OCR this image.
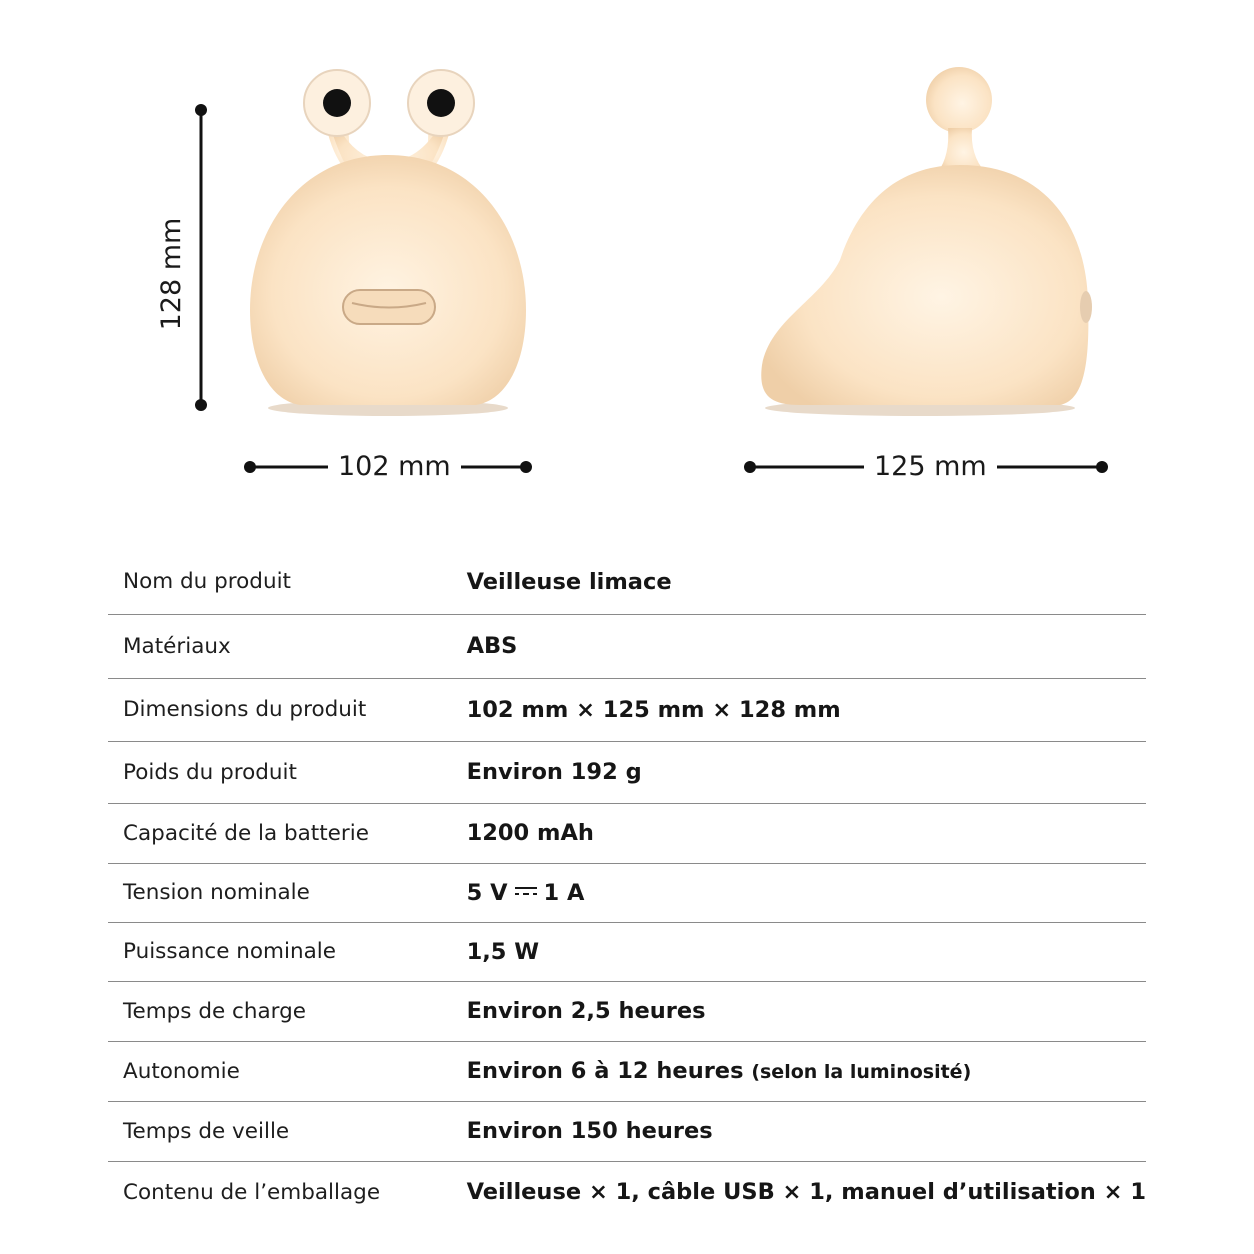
128 mm
102 mm	125 mm
Nom du produit	Veilleuse limace
Matériaux	ABS
Dimensions du produit	102 mm × 125 mm × 128 mm
Poids du produit	Environ 192 g
Capacité de la batterie	1200 mAh
Tension nominale	5 V 1 A
Puissance nominale	1,5 W
Temps de charge	Environ 2,5 heures
Autonomie	Environ 6 à 12 heures (selon la luminosité)
Temps de veille	Environ 150 heures
Contenu de l’emballage	Veilleuse × 1, câble USB × 1, manuel d’utilisation × 1
